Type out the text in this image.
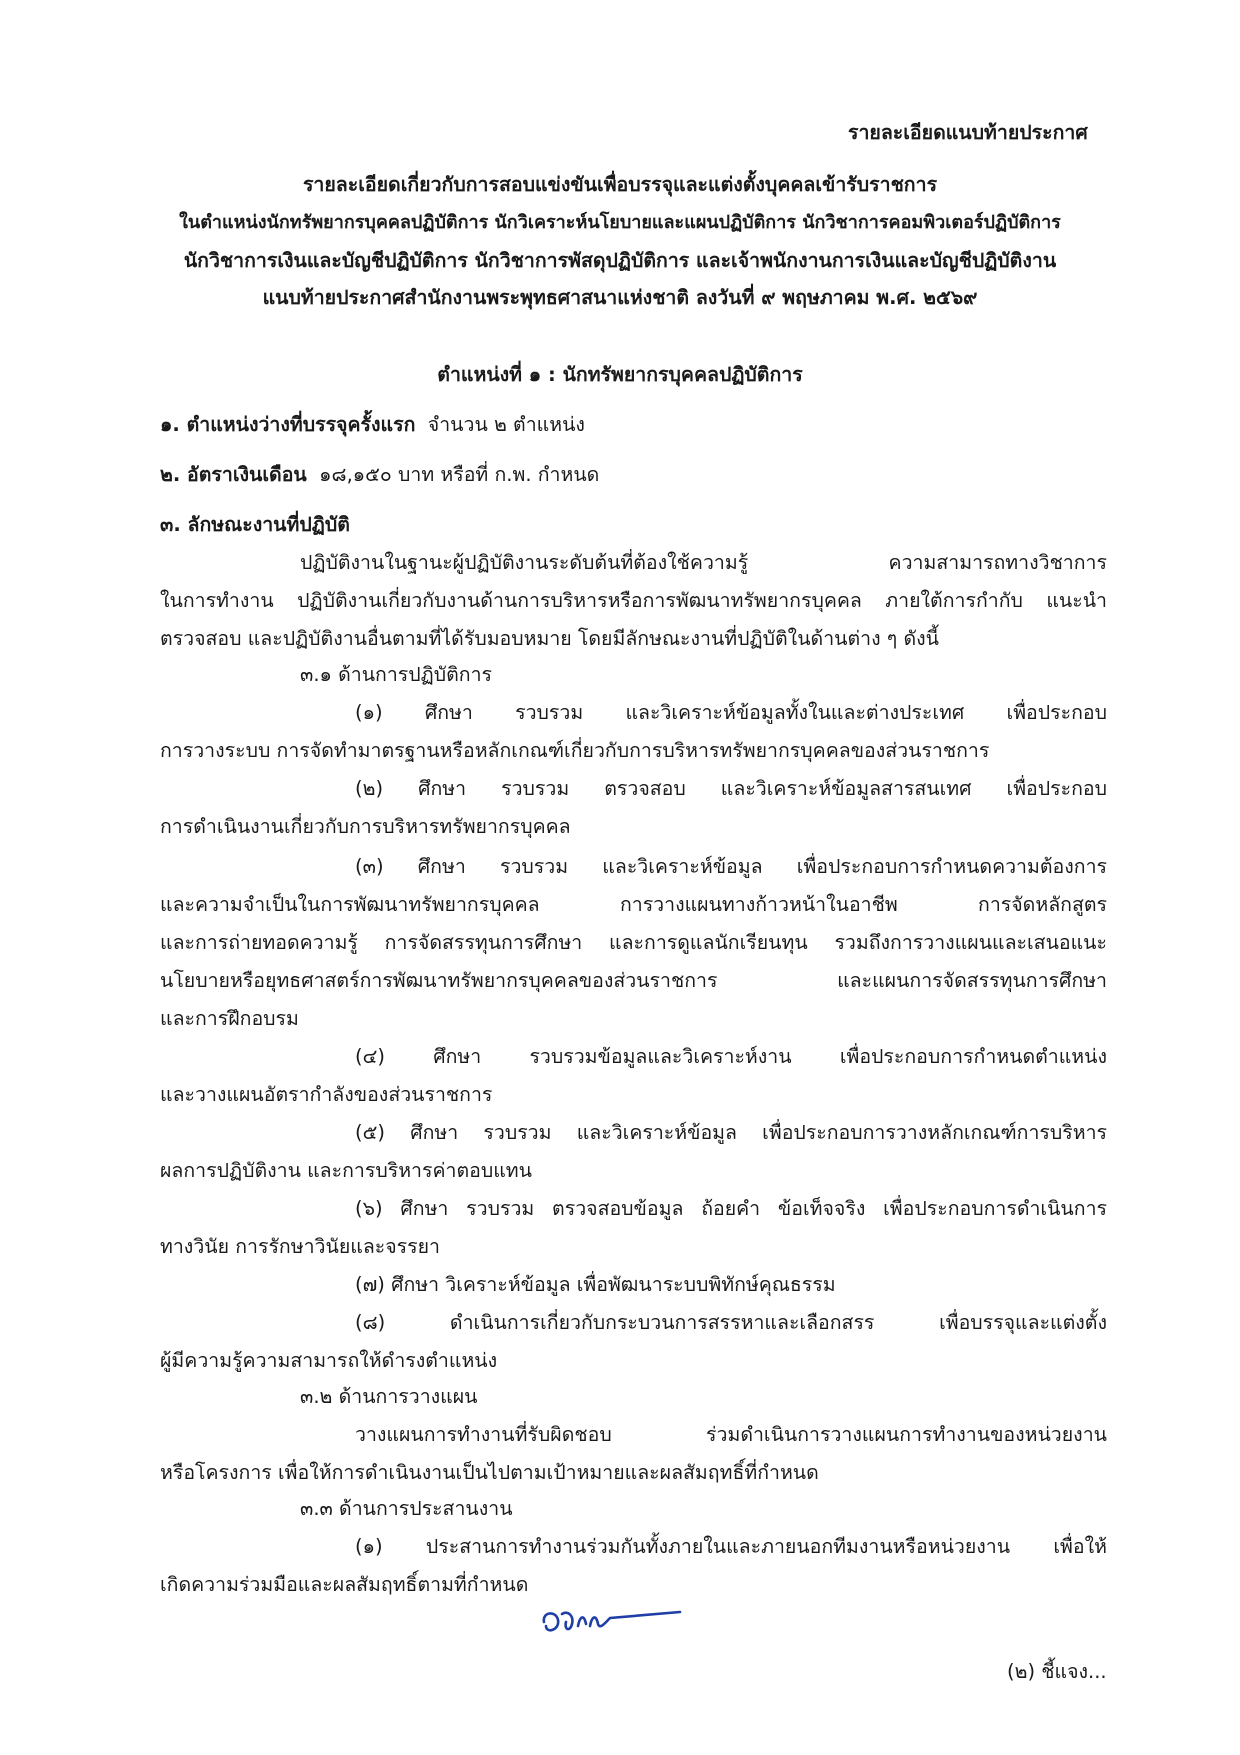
รายละเอียดแนบท้ายประกาศ
รายละเอียดเกี่ยวกับการสอบแข่งขันเพื่อบรรจุและแต่งตั้งบุคคลเข้ารับราชการ
ในตำแหน่งนักทรัพยากรบุคคลปฏิบัติการ นักวิเคราะห์นโยบายและแผนปฏิบัติการ นักวิชาการคอมพิวเตอร์ปฏิบัติการ
นักวิชาการเงินและบัญชีปฏิบัติการ นักวิชาการพัสดุปฏิบัติการ และเจ้าพนักงานการเงินและบัญชีปฏิบัติงาน
แนบท้ายประกาศสำนักงานพระพุทธศาสนาแห่งชาติ ลงวันที่ ๙ พฤษภาคม พ.ศ. ๒๕๖๙
ตำแหน่งที่ ๑ : นักทรัพยากรบุคคลปฏิบัติการ
๑. ตำแหน่งว่างที่บรรจุครั้งแรก จำนวน ๒ ตำแหน่ง
๒. อัตราเงินเดือน ๑๘,๑๕๐ บาท หรือที่ ก.พ. กำหนด
๓. ลักษณะงานที่ปฏิบัติ
ปฏิบัติงานในฐานะผู้ปฏิบัติงานระดับต้นที่ต้องใช้ความรู้ ความสามารถทางวิชาการ
ในการทำงาน ปฏิบัติงานเกี่ยวกับงานด้านการบริหารหรือการพัฒนาทรัพยากรบุคคล ภายใต้การกำกับ แนะนำ
ตรวจสอบ และปฏิบัติงานอื่นตามที่ได้รับมอบหมาย โดยมีลักษณะงานที่ปฏิบัติในด้านต่าง ๆ ดังนี้
๓.๑ ด้านการปฏิบัติการ
(๑) ศึกษา รวบรวม และวิเคราะห์ข้อมูลทั้งในและต่างประเทศ เพื่อประกอบ
การวางระบบ การจัดทำมาตรฐานหรือหลักเกณฑ์เกี่ยวกับการบริหารทรัพยากรบุคคลของส่วนราชการ
(๒) ศึกษา รวบรวม ตรวจสอบ และวิเคราะห์ข้อมูลสารสนเทศ เพื่อประกอบ
การดำเนินงานเกี่ยวกับการบริหารทรัพยากรบุคคล
(๓) ศึกษา รวบรวม และวิเคราะห์ข้อมูล เพื่อประกอบการกำหนดความต้องการ
และความจำเป็นในการพัฒนาทรัพยากรบุคคล การวางแผนทางก้าวหน้าในอาชีพ การจัดหลักสูตร
และการถ่ายทอดความรู้ การจัดสรรทุนการศึกษา และการดูแลนักเรียนทุน รวมถึงการวางแผนและเสนอแนะ
นโยบายหรือยุทธศาสตร์การพัฒนาทรัพยากรบุคคลของส่วนราชการ และแผนการจัดสรรทุนการศึกษา
และการฝึกอบรม
(๔) ศึกษา รวบรวมข้อมูลและวิเคราะห์งาน เพื่อประกอบการกำหนดตำแหน่ง
และวางแผนอัตรากำลังของส่วนราชการ
(๕) ศึกษา รวบรวม และวิเคราะห์ข้อมูล เพื่อประกอบการวางหลักเกณฑ์การบริหาร
ผลการปฏิบัติงาน และการบริหารค่าตอบแทน
(๖) ศึกษา รวบรวม ตรวจสอบข้อมูล ถ้อยคำ ข้อเท็จจริง เพื่อประกอบการดำเนินการ
ทางวินัย การรักษาวินัยและจรรยา
(๗) ศึกษา วิเคราะห์ข้อมูล เพื่อพัฒนาระบบพิทักษ์คุณธรรม
(๘) ดำเนินการเกี่ยวกับกระบวนการสรรหาและเลือกสรร เพื่อบรรจุและแต่งตั้ง
ผู้มีความรู้ความสามารถให้ดำรงตำแหน่ง
๓.๒ ด้านการวางแผน
วางแผนการทำงานที่รับผิดชอบ ร่วมดำเนินการวางแผนการทำงานของหน่วยงาน
หรือโครงการ เพื่อให้การดำเนินงานเป็นไปตามเป้าหมายและผลสัมฤทธิ์ที่กำหนด
๓.๓ ด้านการประสานงาน
(๑) ประสานการทำงานร่วมกันทั้งภายในและภายนอกทีมงานหรือหน่วยงาน เพื่อให้
เกิดความร่วมมือและผลสัมฤทธิ์ตามที่กำหนด
(๒) ชี้แจง...
